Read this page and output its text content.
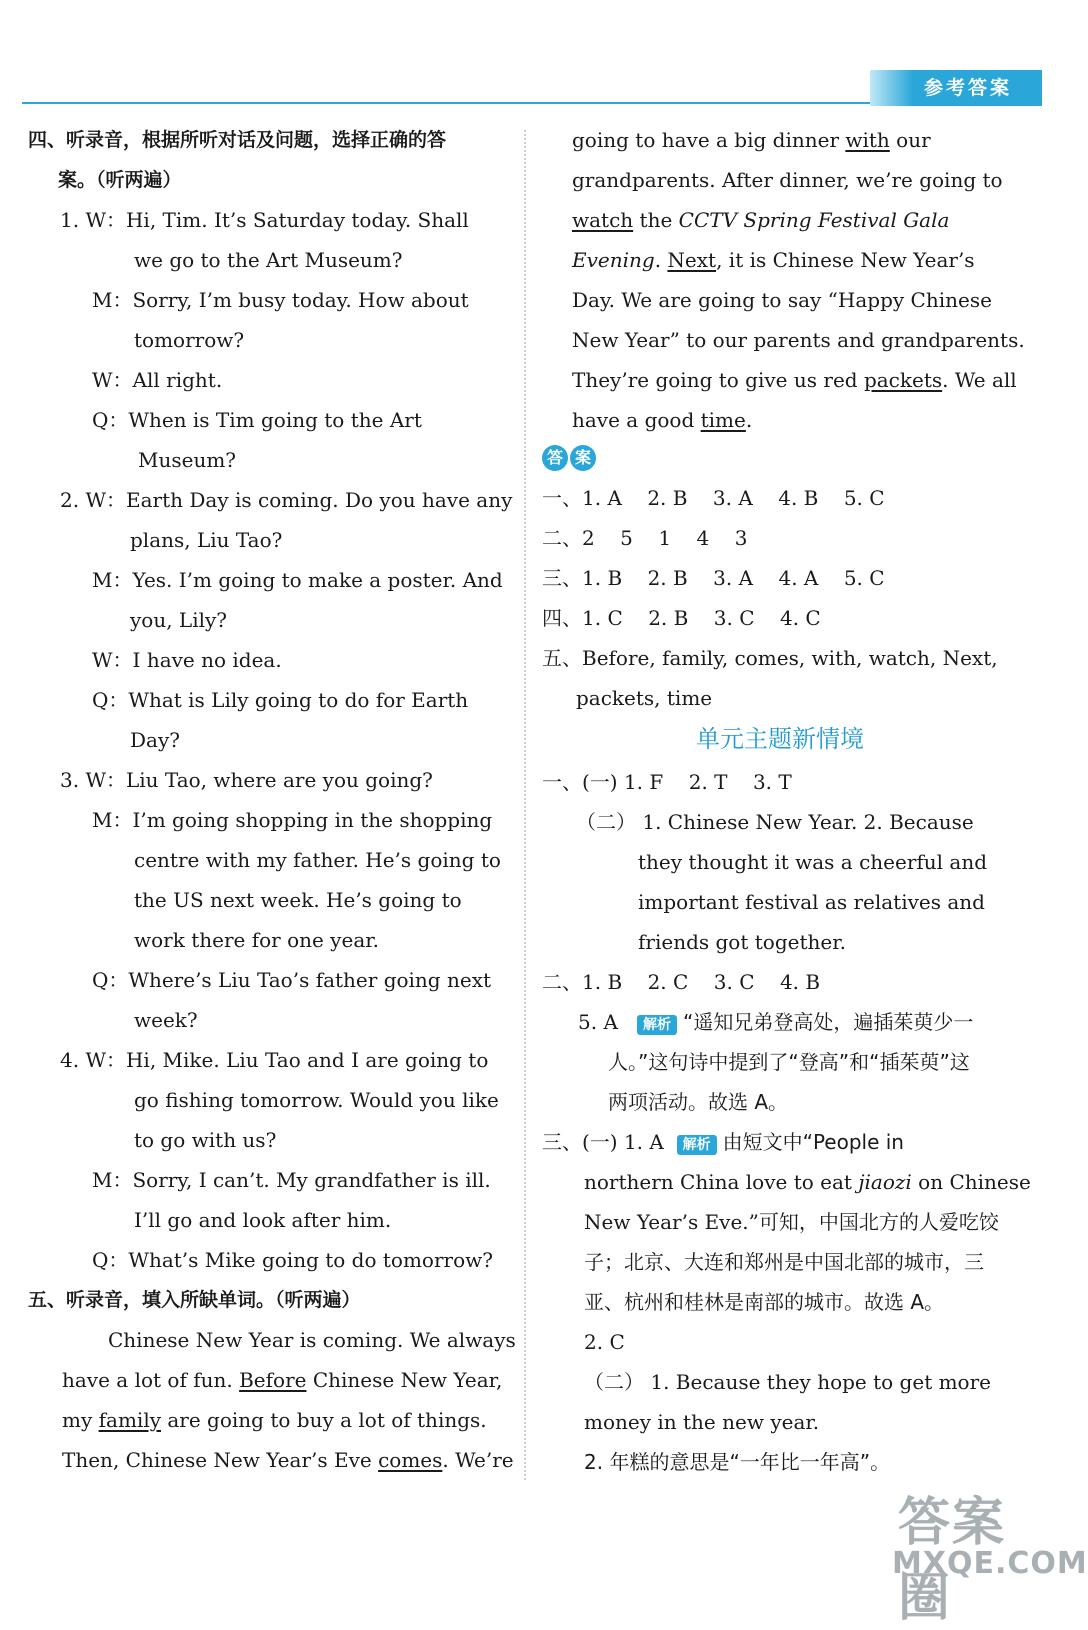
参考答案
四、听录音，根据所听对话及问题，选择正确的答
案。（听两遍）
1. W：Hi, Tim. It’s Saturday today. Shall
we go to the Art Museum?
M：Sorry, I’m busy today. How about
tomorrow?
W：All right.
Q：When is Tim going to the Art
Museum?
2. W：Earth Day is coming. Do you have any
plans, Liu Tao?
M：Yes. I’m going to make a poster. And
you, Lily?
W：I have no idea.
Q：What is Lily going to do for Earth
Day?
3. W：Liu Tao, where are you going?
M：I’m going shopping in the shopping
centre with my father. He’s going to
the US next week. He’s going to
work there for one year.
Q：Where’s Liu Tao’s father going next
week?
4. W：Hi, Mike. Liu Tao and I are going to
go fishing tomorrow. Would you like
to go with us?
M：Sorry, I can’t. My grandfather is ill.
I’ll go and look after him.
Q：What’s Mike going to do tomorrow?
五、听录音，填入所缺单词。（听两遍）
Chinese New Year is coming. We always
have a lot of fun. Before Chinese New Year,
my family are going to buy a lot of things.
Then, Chinese New Year’s Eve comes. We’re
going to have a big dinner with our
grandparents. After dinner, we’re going to
watch the CCTV Spring Festival Gala
Evening. Next, it is Chinese New Year’s
Day. We are going to say “Happy Chinese
New Year” to our parents and grandparents.
They’re going to give us red packets. We all
have a good time.
答 案
一、1. A 2. B 3. A 4. B 5. C
二、2 5 1 4 3
三、1. B 2. B 3. A 4. A 5. C
四、1. C 2. B 3. C 4. C
五、Before, family, comes, with, watch, Next,
packets, time
单元主题新情境
一、(一) 1. F 2. T 3. T
（二） 1. Chinese New Year. 2. Because
they thought it was a cheerful and
important festival as relatives and
friends got together.
二、1. B 2. C 3. C 4. B
5. A 解析 “遥知兄弟登高处，遍插茱萸少一
人。”这句诗中提到了“登高”和“插茱萸”这
两项活动。故选 A。
三、(一) 1. A 解析 由短文中“People in
northern China love to eat jiaozi on Chinese
New Year’s Eve.”可知，中国北方的人爱吃饺
子；北京、大连和郑州是中国北部的城市，三
亚、杭州和桂林是南部的城市。故选 A。
2. C
（二） 1. Because they hope to get more
money in the new year.
2. 年糕的意思是“一年比一年高”。
答案圈
MXQE.COM
